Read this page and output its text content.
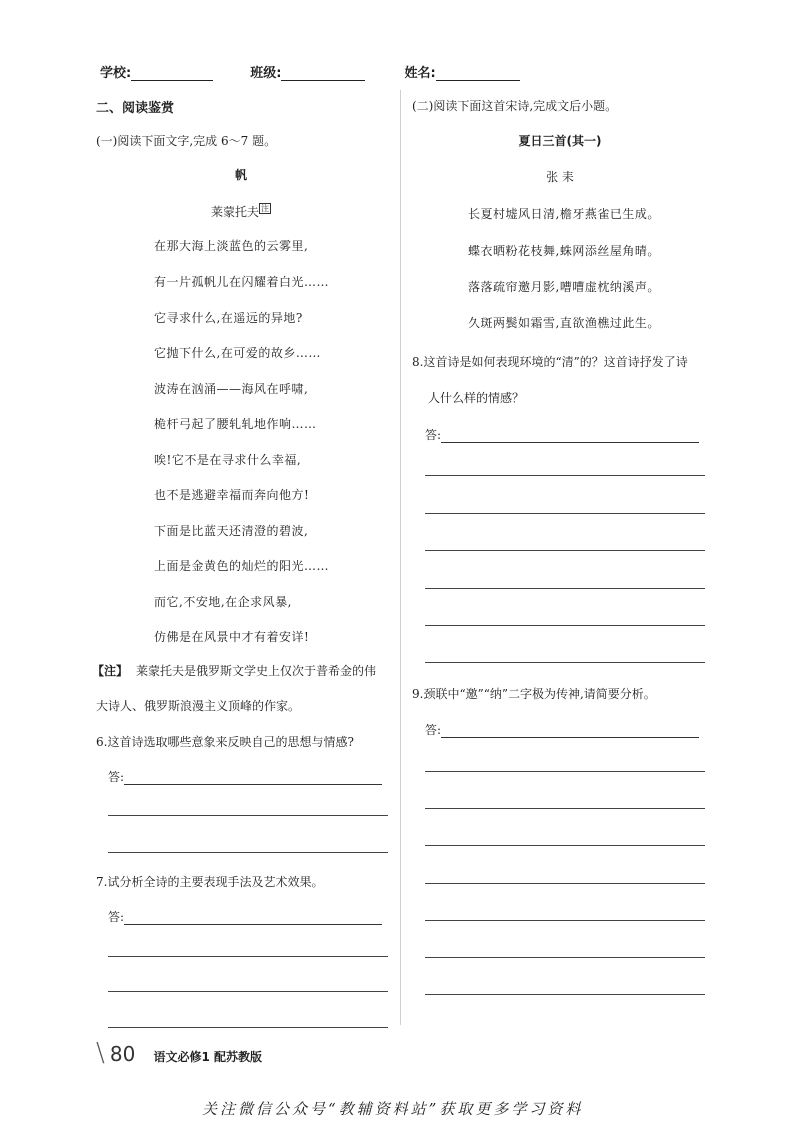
学校:	班级:	姓名:
二、阅读鉴赏
(一)阅读下面文字,完成 6～7 题。
帆
莱蒙托夫 $^注$
在那大海上淡蓝色的云雾里,
有一片孤帆儿在闪耀着白光……
它寻求什么,在遥远的异地?
它抛下什么,在可爱的故乡……
波涛在汹涌——海风在呼啸,
桅杆弓起了腰轧轧地作响……
唉!它不是在寻求什么幸福,
也不是逃避幸福而奔向他方!
下面是比蓝天还清澄的碧波,
上面是金黄色的灿烂的阳光……
而它,不安地,在企求风暴,
仿佛是在风景中才有着安详!
【注】 莱蒙托夫是俄罗斯文学史上仅次于普希金的伟
大诗人、俄罗斯浪漫主义顶峰的作家。
6.这首诗选取哪些意象来反映自己的思想与情感?
答:
7.试分析全诗的主要表现手法及艺术效果。
答:
(二)阅读下面这首宋诗,完成文后小题。
夏日三首(其一)
张 耒
长夏村墟风日清,檐牙燕雀已生成。
蝶衣晒粉花枝舞,蛛网添丝屋角晴。
落落疏帘邀月影,嘈嘈虚枕纳溪声。
久斑两鬓如霜雪,直欲渔樵过此生。
8.这首诗是如何表现环境的“清”的？这首诗抒发了诗
人什么样的情感？
答:
9.颈联中“邀”“纳”二字极为传神,请简要分析。
答:
\ 80 语文必修1 配苏教版
关注微信公众号“教辅资料站”获取更多学习资料
